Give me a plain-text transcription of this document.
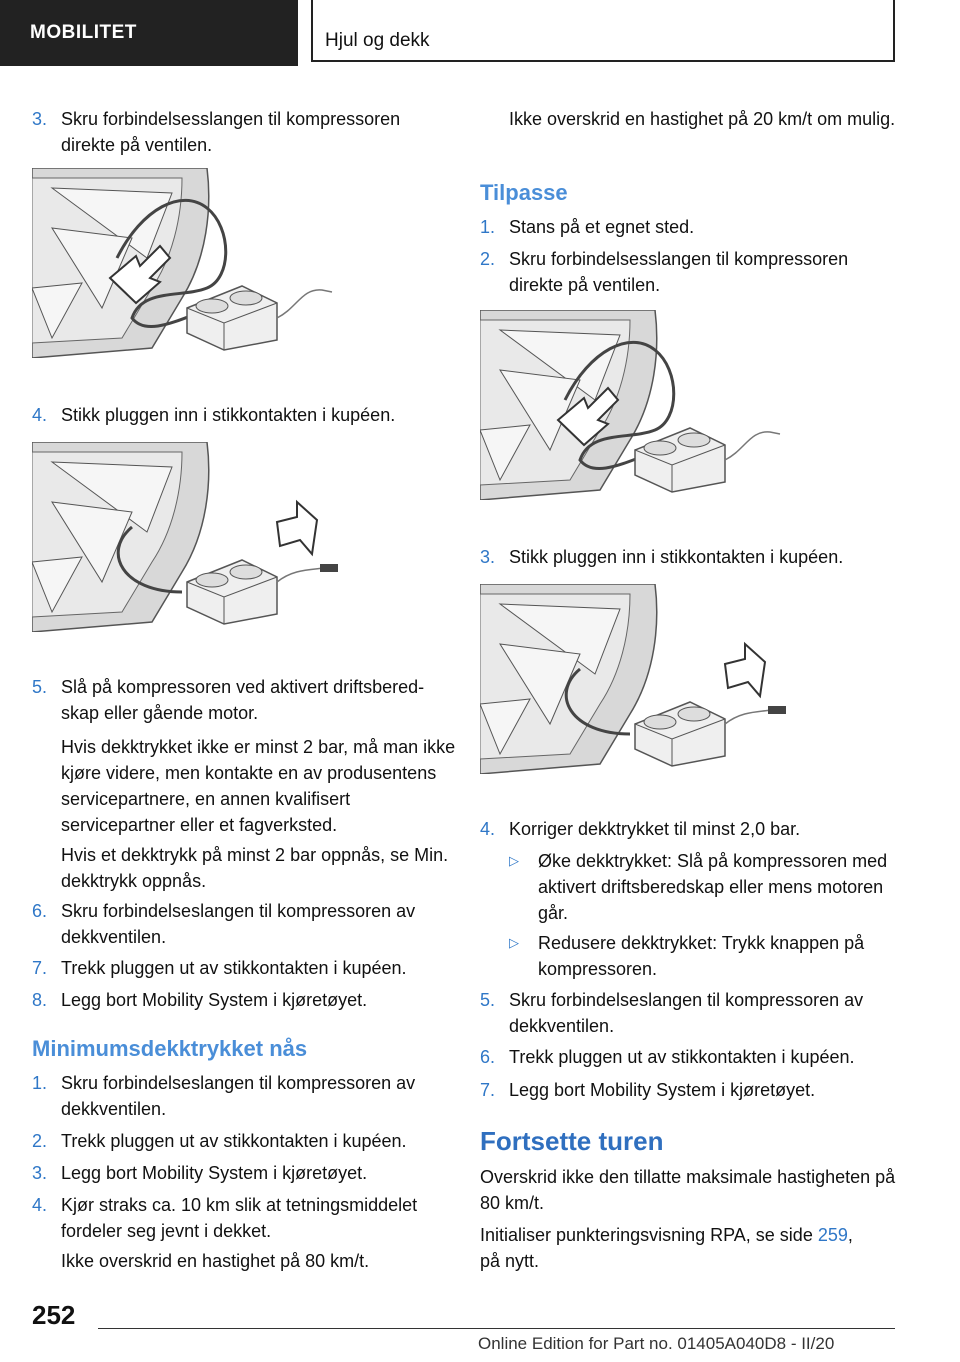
MOBILITET	Hjul og dekk
3. Skru forbindelsesslangen til kompressoren direkte på ventilen.
4. Stikk pluggen inn i stikkontakten i kupéen.
5. Slå på kompressoren ved aktivert driftsberedskap eller gående motor.
Hvis dekktrykket ikke er minst 2 bar, må man ikke kjøre videre, men kontakte en av produsentens servicepartnere, en annen kvalifisert servicepartner eller et fagverksted.
Hvis et dekktrykk på minst 2 bar oppnås, se Min. dekktrykk oppnås.
6. Skru forbindelseslangen til kompressoren av dekkventilen.
7. Trekk pluggen ut av stikkontakten i kupéen.
8. Legg bort Mobility System i kjøretøyet.
Minimumsdekktrykket nås
1. Skru forbindelseslangen til kompressoren av dekkventilen.
2. Trekk pluggen ut av stikkontakten i kupéen.
3. Legg bort Mobility System i kjøretøyet.
4. Kjør straks ca. 10 km slik at tetningsmiddelet fordeler seg jevnt i dekket.
Ikke overskrid en hastighet på 80 km/t.
Ikke overskrid en hastighet på 20 km/t om mulig.
Tilpasse
1. Stans på et egnet sted.
2. Skru forbindelsesslangen til kompressoren direkte på ventilen.
3. Stikk pluggen inn i stikkontakten i kupéen.
4. Korriger dekktrykket til minst 2,0 bar.
▷ Øke dekktrykket: Slå på kompressoren med aktivert driftsberedskap eller mens motoren går.
▷ Redusere dekktrykket: Trykk knappen på kompressoren.
5. Skru forbindelseslangen til kompressoren av dekkventilen.
6. Trekk pluggen ut av stikkontakten i kupéen.
7. Legg bort Mobility System i kjøretøyet.
Fortsette turen
Overskrid ikke den tillatte maksimale hastigheten på 80 km/t.
Initialiser punkteringsvisning RPA, se side 259,
på nytt.
252
Online Edition for Part no. 01405A040D8 - II/20
